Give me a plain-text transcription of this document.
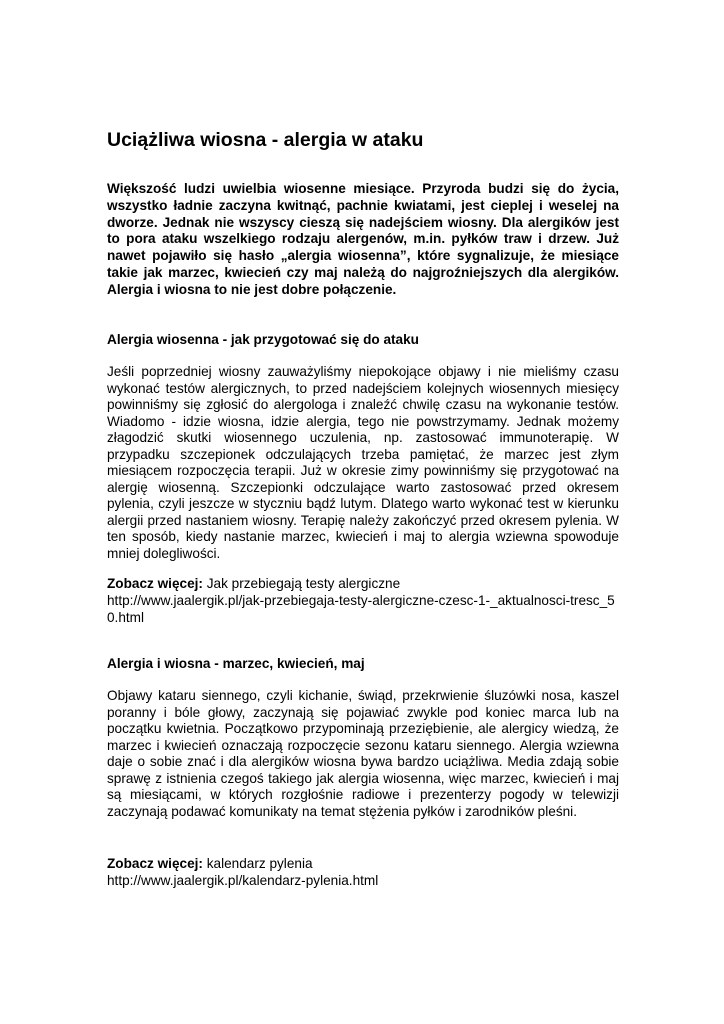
Uciążliwa wiosna - alergia w ataku

Większość ludzi uwielbia wiosenne miesiące. Przyroda budzi się do życia, wszystko ładnie zaczyna kwitnąć, pachnie kwiatami, jest cieplej i weselej na dworze. Jednak nie wszyscy cieszą się nadejściem wiosny. Dla alergików jest to pora ataku wszelkiego rodzaju alergenów, m.in. pyłków traw i drzew. Już nawet pojawiło się hasło „alergia wiosenna”, które sygnalizuje, że miesiące takie jak marzec, kwiecień czy maj należą do najgroźniejszych dla alergików. Alergia i wiosna to nie jest dobre połączenie.

Alergia wiosenna - jak przygotować się do ataku

Jeśli poprzedniej wiosny zauważyliśmy niepokojące objawy i nie mieliśmy czasu wykonać testów alergicznych, to przed nadejściem kolejnych wiosennych miesięcy powinniśmy się zgłosić do alergologa i znaleźć chwilę czasu na wykonanie testów. Wiadomo - idzie wiosna, idzie alergia, tego nie powstrzymamy. Jednak możemy złagodzić skutki wiosennego uczulenia, np. zastosować immunoterapię. W przypadku szczepionek odczulających trzeba pamiętać, że marzec jest złym miesiącem rozpoczęcia terapii. Już w okresie zimy powinniśmy się przygotować na alergię wiosenną. Szczepionki odczulające warto zastosować przed okresem pylenia, czyli jeszcze w styczniu bądź lutym. Dlatego warto wykonać test w kierunku alergii przed nastaniem wiosny. Terapię należy zakończyć przed okresem pylenia. W ten sposób, kiedy nastanie marzec, kwiecień i maj to alergia wziewna spowoduje mniej dolegliwości.

Zobacz więcej: Jak przebiegają testy alergiczne
http://www.jaalergik.pl/jak-przebiegaja-testy-alergiczne-czesc-1-_aktualnosci-tresc_50.html

Alergia i wiosna - marzec, kwiecień, maj

Objawy kataru siennego, czyli kichanie, świąd, przekrwienie śluzówki nosa, kaszel poranny i bóle głowy, zaczynają się pojawiać zwykle pod koniec marca lub na początku kwietnia. Początkowo przypominają przeziębienie, ale alergicy wiedzą, że marzec i kwiecień oznaczają rozpoczęcie sezonu kataru siennego. Alergia wziewna daje o sobie znać i dla alergików wiosna bywa bardzo uciążliwa. Media zdają sobie sprawę z istnienia czegoś takiego jak alergia wiosenna, więc marzec, kwiecień i maj są miesiącami, w których rozgłośnie radiowe i prezenterzy pogody w telewizji zaczynają podawać komunikaty na temat stężenia pyłków i zarodników pleśni.

Zobacz więcej: kalendarz pylenia
http://www.jaalergik.pl/kalendarz-pylenia.html
